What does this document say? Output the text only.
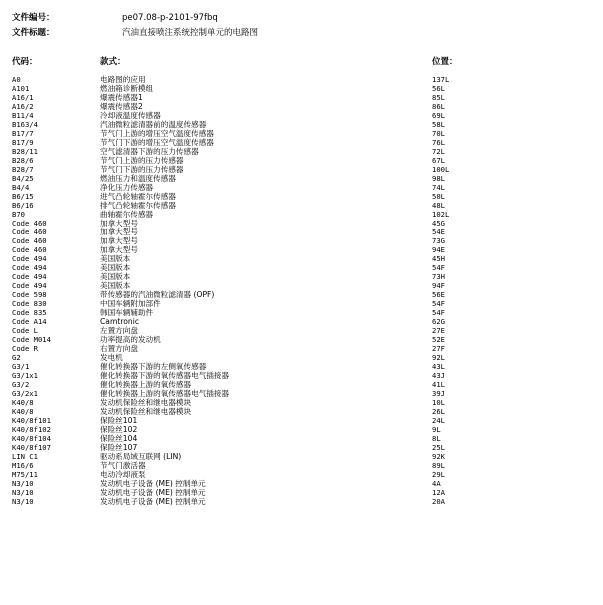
文件编号：	pe07.08-p-2101-97fbq
文件标题：	汽油直接喷注系统控制单元的电路图
代码：	款式：	位置：
A0	电路图的应用	137L
A101	燃油箱诊断模组	56L
A16/1	爆震传感器1	85L
A16/2	爆震传感器2	86L
B11/4	冷却液温度传感器	69L
B163/4	汽油微粒滤清器前的温度传感器	58L
B17/7	节气门上游的增压空气温度传感器	70L
B17/9	节气门下游的增压空气温度传感器	76L
B28/11	空气滤清器下游的压力传感器	72L
B28/6	节气门上游的压力传感器	67L
B28/7	节气门下游的压力传感器	100L
B4/25	燃油压力和温度传感器	98L
B4/4	净化压力传感器	74L
B6/15	进气凸轮轴霍尔传感器	50L
B6/16	排气凸轮轴霍尔传感器	48L
B70	曲轴霍尔传感器	102L
Code 460	加拿大型号	45G
Code 460	加拿大型号	54E
Code 460	加拿大型号	73G
Code 460	加拿大型号	94E
Code 494	美国版本	45H
Code 494	美国版本	54F
Code 494	美国版本	73H
Code 494	美国版本	94F
Code 598	带传感器的汽油微粒滤清器 (OPF)	56E
Code 830	中国车辆附加部件	54F
Code 835	韩国车辆辅助件	54F
Code A14	Camtronic	62G
Code L	左置方向盘	27E
Code M014	功率提高的发动机	52E
Code R	右置方向盘	27F
G2	发电机	92L
G3/1	催化转换器下游的左侧氧传感器	43L
G3/1x1	催化转换器下游的氧传感器电气插接器	43J
G3/2	催化转换器上游的氧传感器	41L
G3/2x1	催化转换器上游的氧传感器电气插接器	39J
K40/8	发动机保险丝和继电器模块	10L
K40/8	发动机保险丝和继电器模块	26L
K40/8f101	保险丝101	24L
K40/8f102	保险丝102	9L
K40/8f104	保险丝104	8L
K40/8f107	保险丝107	25L
LIN C1	驱动系局域互联网 (LIN)	92K
M16/6	节气门激活器	89L
M75/11	电动冷却液泵	29L
N3/10	发动机电子设备 (ME) 控制单元	4A
N3/10	发动机电子设备 (ME) 控制单元	12A
N3/10	发动机电子设备 (ME) 控制单元	20A
